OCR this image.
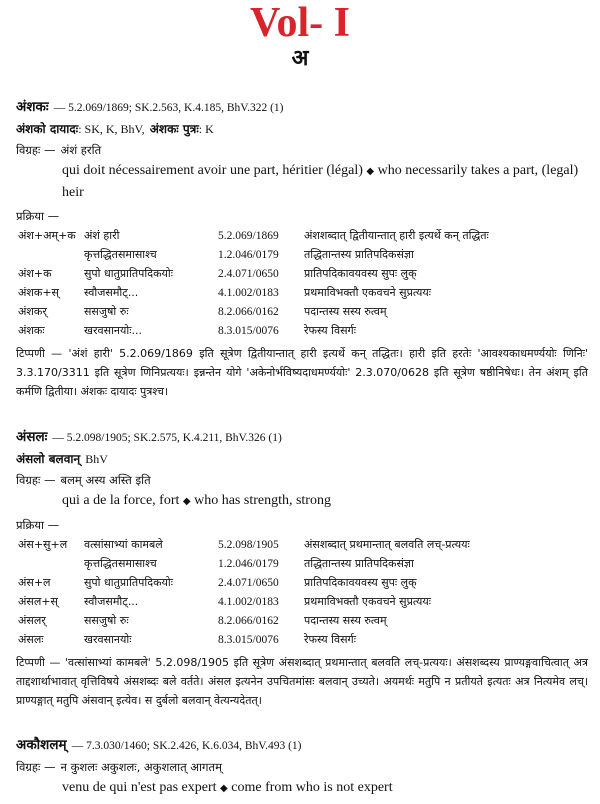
Vol- I
अ
अंशकः — 5.2.069/1869; SK.2.563, K.4.185, BhV.322 (1)
अंशको दायादः: SK, K, BhV, अंशकः पुत्रः: K
विग्रहः — अंशं हरति
qui doit nécessairement avoir une part, héritier (légal) ◆ who necessarily takes a part, (legal) heir
प्रक्रिया —
अंश+अम्+क	अंशं हारी	5.2.069/1869	अंशशब्दात् द्वितीयान्तात् हारी इत्यर्थे कन् तद्धितः
	कृत्तद्धितसमासाश्च	1.2.046/0179	तद्धितान्तस्य प्रातिपदिकसंज्ञा
अंश+क	सुपो धातुप्रातिपदिकयोः	2.4.071/0650	प्रातिपदिकावयवस्य सुपः लुक्
अंशक+स्	स्वौजसमौट्...	4.1.002/0183	प्रथमाविभक्तौ एकवचने सुप्रत्ययः
अंशकर्	ससजुषो रुः	8.2.066/0162	पदान्तस्य सस्य रुत्वम्
अंशकः	खरवसानयोः...	8.3.015/0076	रेफस्य विसर्गः
टिप्पणी — 'अंशं हारी' 5.2.069/1869 इति सूत्रेण द्वितीयान्तात् हारी इत्यर्थे कन् तद्धितः। हारी इति हरतेः 'आवश्यकाधमर्ण्ययोः णिनिः' 3.3.170/3311 इति सूत्रेण णिनिप्रत्ययः। इन्नन्तेन योगे 'अकेनोर्भविष्यदाधमर्ण्ययोः' 2.3.070/0628 इति सूत्रेण षष्ठीनिषेधः। तेन अंशम् इति कर्मणि द्वितीया। अंशकः दायादः पुत्रश्च।
अंसलः — 5.2.098/1905; SK.2.575, K.4.211, BhV.326 (1)
अंसलो बलवान् BhV
विग्रहः — बलम् अस्य अस्ति इति
qui a de la force, fort ◆ who has strength, strong
प्रक्रिया —
अंस+सु+ल	वत्सांसाभ्यां कामबले	5.2.098/1905	अंसशब्दात् प्रथमान्तात् बलवति लच्-प्रत्ययः
	कृत्तद्धितसमासाश्च	1.2.046/0179	तद्धितान्तस्य प्रातिपदिकसंज्ञा
अंस+ल	सुपो धातुप्रातिपदिकयोः	2.4.071/0650	प्रातिपदिकावयवस्य सुपः लुक्
अंसल+स्	स्वौजसमौट्...	4.1.002/0183	प्रथमाविभक्तौ एकवचने सुप्रत्ययः
अंसलर्	ससजुषो रुः	8.2.066/0162	पदान्तस्य सस्य रुत्वम्
अंसलः	खरवसानयोः	8.3.015/0076	रेफस्य विसर्गः
टिप्पणी — 'वत्सांसाभ्यां कामबले' 5.2.098/1905 इति सूत्रेण अंसशब्दात् प्रथमान्तात् बलवति लच्-प्रत्ययः। अंसशब्दस्य प्राण्यङ्गवाचित्वात् अत्र ताद्दशार्थाभावात् वृत्तिविषये अंसशब्दः बले वर्तते। अंसल इत्यनेन उपचितमांसः बलवान् उच्यते। अयमर्थः मतुपि न प्रतीयते इत्यतः अत्र नित्यमेव लच्। प्राण्यङ्गात् मतुपि अंसवान् इत्येव। स दुर्बलो बलवान् वेत्यन्यदेतत्।
अकौशलम् — 7.3.030/1460; SK.2.426, K.6.034, BhV.493 (1)
विग्रहः — न कुशलः अकुशलः, अकुशलात् आगतम्
venu de qui n'est pas expert ◆ come from who is not expert
